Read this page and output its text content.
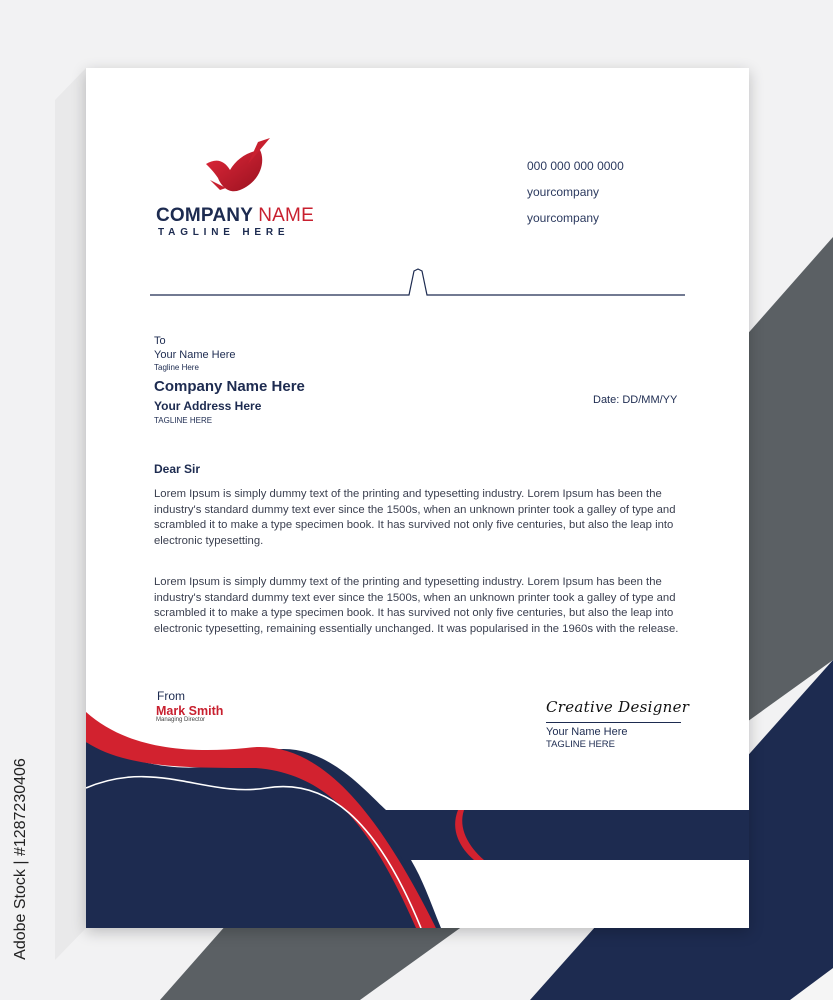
Adobe Stock | #1287230406
COMPANY NAME
TAGLINE HERE
000 000 000 0000
yourcompany
yourcompany
To
Your Name Here
Tagline Here
Company Name Here
Your Address Here
TAGLINE HERE
Date: DD/MM/YY
Dear Sir
Lorem Ipsum is simply dummy text of the printing and typesetting industry. Lorem Ipsum has been the industry's standard dummy text ever since the 1500s, when an unknown printer took a galley of type and scrambled it to make a type specimen book. It has survived not only five centuries, but also the leap into electronic typesetting.
Lorem Ipsum is simply dummy text of the printing and typesetting industry. Lorem Ipsum has been the industry's standard dummy text ever since the 1500s, when an unknown printer took a galley of type and scrambled it to make a type specimen book. It has survived not only five centuries, but also the leap into electronic typesetting, remaining essentially unchanged. It was popularised in the 1960s with the release.
From
Mark Smith
Managing Director
Creative Designer
Your Name Here
TAGLINE HERE
